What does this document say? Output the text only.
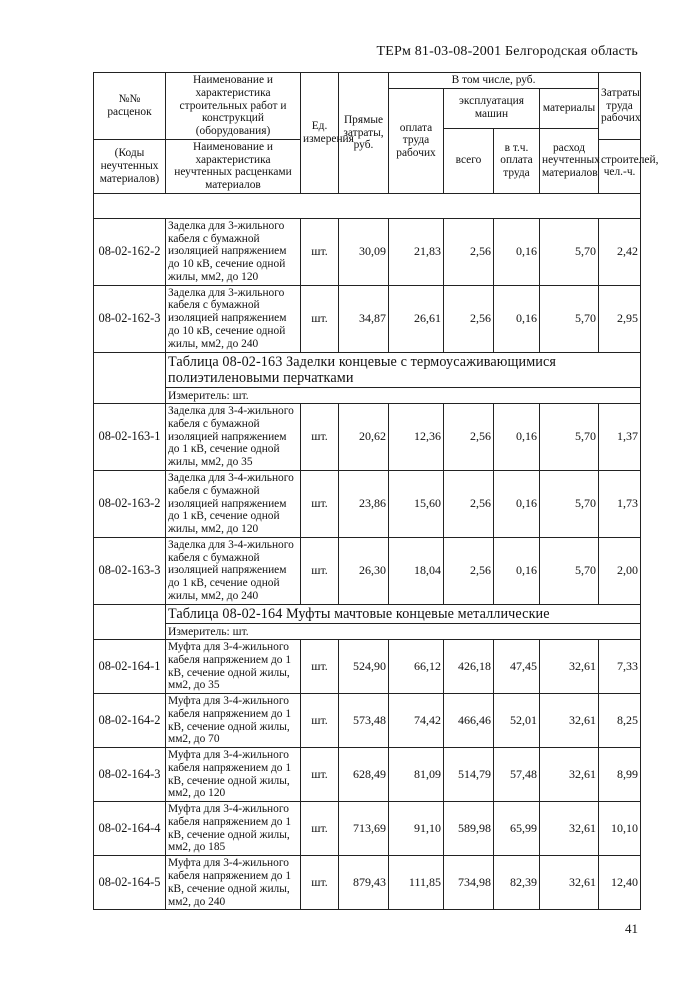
ТЕРм 81-03-08-2001 Белгородская область
№№ расценок	Наименование и характеристика строительных работ и конструкций (оборудования)	Ед. измерения	Прямые затраты, руб.	В том числе, руб.				Затраты труда рабочих
				оплата труда рабочих	эксплуатация машин		материалы	
					всего	в т.ч. оплата труда	расход неучтенных материалов	
(Коды неучтенных материалов)	Наименование и характеристика неучтенных расценками материалов							строителей, чел.-ч.

08-02-162-2	Заделка для 3-жильного кабеля с бумажной изоляцией напряжением до 10 кВ, сечение одной жилы, мм2, до 120	шт.	30,09	21,83	2,56	0,16	5,70	2,42
08-02-162-3	Заделка для 3-жильного кабеля с бумажной изоляцией напряжением до 10 кВ, сечение одной жилы, мм2, до 240	шт.	34,87	26,61	2,56	0,16	5,70	2,95
	Таблица 08-02-163 Заделки концевые с термоусаживающимися полиэтиленовыми перчатками							
	Измеритель: шт.							
08-02-163-1	Заделка для 3-4-жильного кабеля с бумажной изоляцией напряжением до 1 кВ, сечение одной жилы, мм2, до 35	шт.	20,62	12,36	2,56	0,16	5,70	1,37
08-02-163-2	Заделка для 3-4-жильного кабеля с бумажной изоляцией напряжением до 1 кВ, сечение одной жилы, мм2, до 120	шт.	23,86	15,60	2,56	0,16	5,70	1,73
08-02-163-3	Заделка для 3-4-жильного кабеля с бумажной изоляцией напряжением до 1 кВ, сечение одной жилы, мм2, до 240	шт.	26,30	18,04	2,56	0,16	5,70	2,00
	Таблица 08-02-164 Муфты мачтовые концевые металлические							
	Измеритель: шт.							
08-02-164-1	Муфта для 3-4-жильного кабеля напряжением до 1 кВ, сечение одной жилы, мм2, до 35	шт.	524,90	66,12	426,18	47,45	32,61	7,33
08-02-164-2	Муфта для 3-4-жильного кабеля напряжением до 1 кВ, сечение одной жилы, мм2, до 70	шт.	573,48	74,42	466,46	52,01	32,61	8,25
08-02-164-3	Муфта для 3-4-жильного кабеля напряжением до 1 кВ, сечение одной жилы, мм2, до 120	шт.	628,49	81,09	514,79	57,48	32,61	8,99
08-02-164-4	Муфта для 3-4-жильного кабеля напряжением до 1 кВ, сечение одной жилы, мм2, до 185	шт.	713,69	91,10	589,98	65,99	32,61	10,10
08-02-164-5	Муфта для 3-4-жильного кабеля напряжением до 1 кВ, сечение одной жилы, мм2, до 240	шт.	879,43	111,85	734,98	82,39	32,61	12,40
41
